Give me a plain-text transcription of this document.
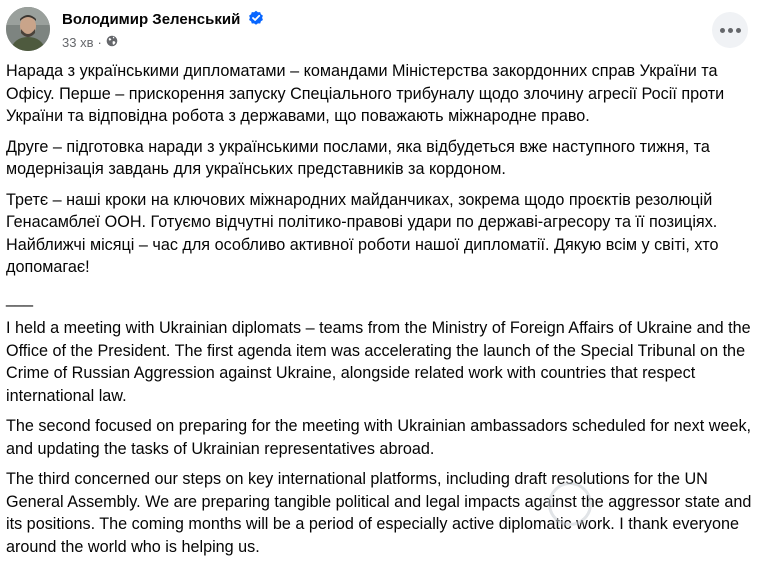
Володимир Зеленський
33 хв ·

Нарада з українськими дипломатами – командами Міністерства закордонних справ України та Офісу. Перше – прискорення запуску Спеціального трибуналу щодо злочину агресії Росії проти України та відповідна робота з державами, що поважають міжнародне право.

Друге – підготовка наради з українськими послами, яка відбудеться вже наступного тижня, та модернізація завдань для українських представників за кордоном.

Третє – наші кроки на ключових міжнародних майданчиках, зокрема щодо проєктів резолюцій Генасамблеї ООН. Готуємо відчутні політико-правові удари по державі-агресору та її позиціях. Найближчі місяці – час для особливо активної роботи нашої дипломатії. Дякую всім у світі, хто допомагає!

___

I held a meeting with Ukrainian diplomats – teams from the Ministry of Foreign Affairs of Ukraine and the Office of the President. The first agenda item was accelerating the launch of the Special Tribunal on the Crime of Russian Aggression against Ukraine, alongside related work with countries that respect international law.

The second focused on preparing for the meeting with Ukrainian ambassadors scheduled for next week, and updating the tasks of Ukrainian representatives abroad.

The third concerned our steps on key international platforms, including draft resolutions for the UN General Assembly. We are preparing tangible political and legal impacts against the aggressor state and its positions. The coming months will be a period of especially active diplomatic work. I thank everyone around the world who is helping us.
